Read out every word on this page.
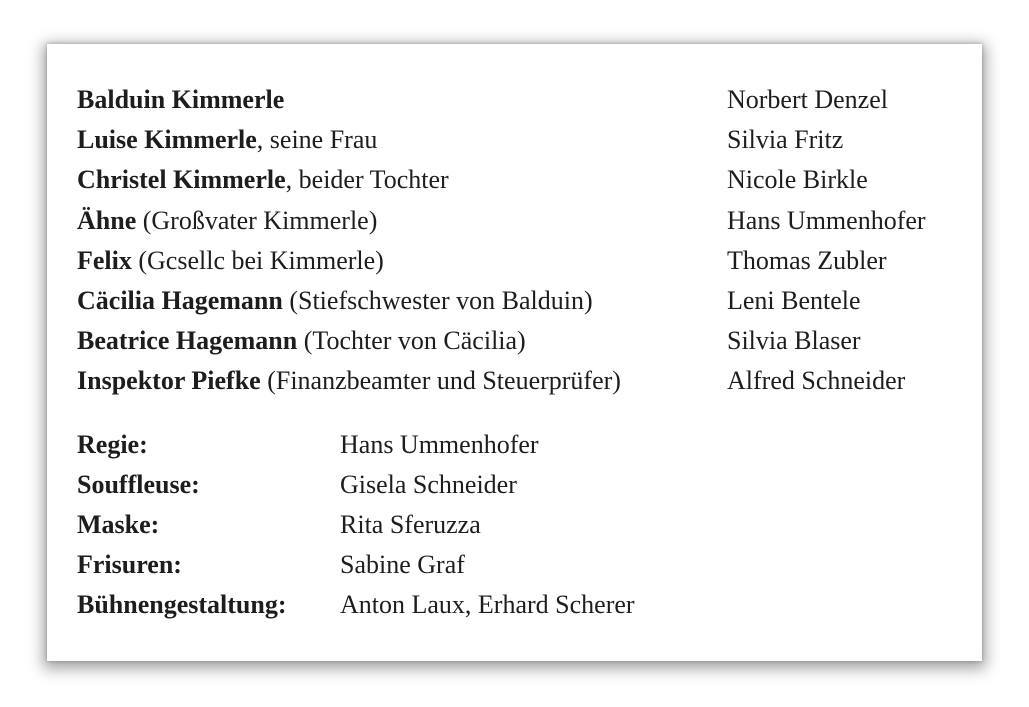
Balduin Kimmerle	Norbert Denzel
Luise Kimmerle, seine Frau	Silvia Fritz
Christel Kimmerle, beider Tochter	Nicole Birkle
Ähne (Großvater Kimmerle)	Hans Ummenhofer
Felix (Gcsellc bei Kimmerle)	Thomas Zubler
Cäcilia Hagemann (Stiefschwester von Balduin)	Leni Bentele
Beatrice Hagemann (Tochter von Cäcilia)	Silvia Blaser
Inspektor Piefke (Finanzbeamter und Steuerprüfer)	Alfred Schneider
Regie:	Hans Ummenhofer
Souffleuse:	Gisela Schneider
Maske:	Rita Sferuzza
Frisuren:	Sabine Graf
Bühnengestaltung: Anton Laux, Erhard Scherer
